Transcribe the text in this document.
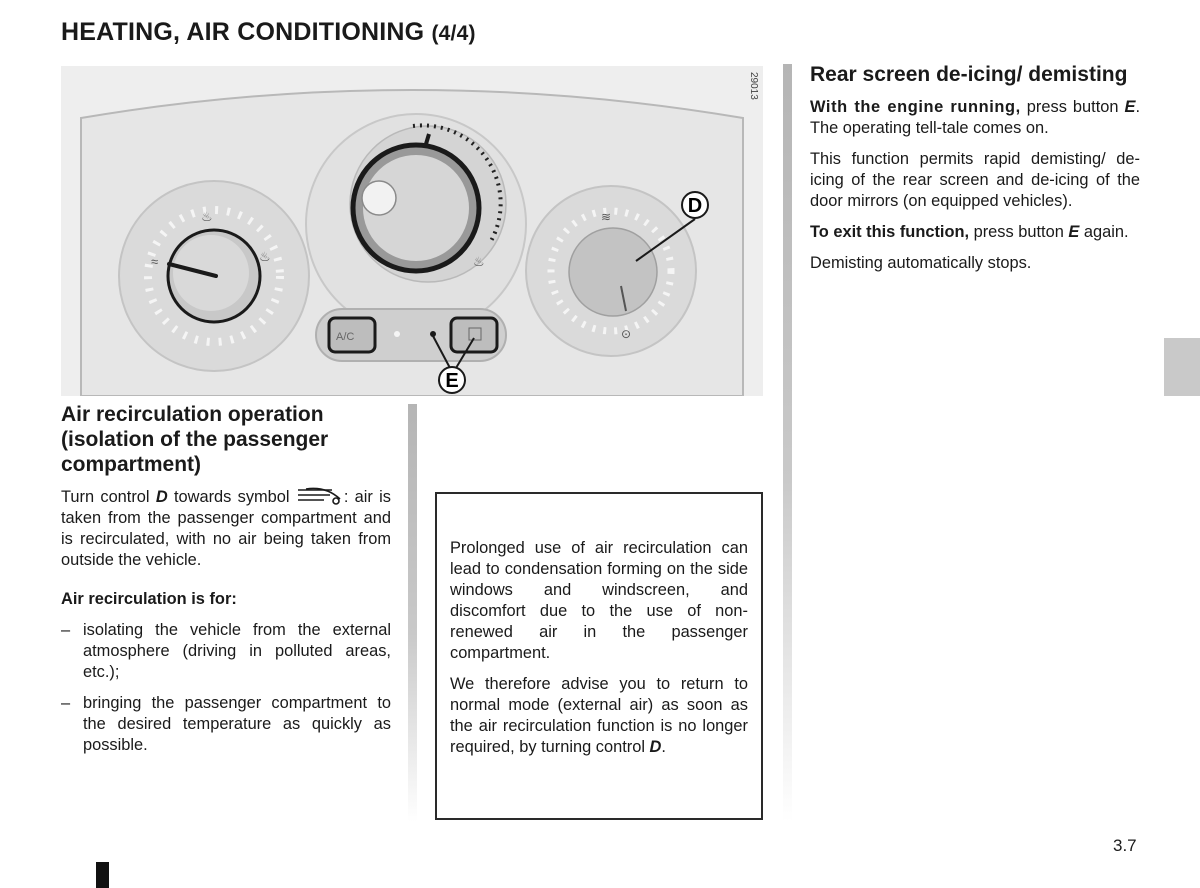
HEATING, AIR CONDITIONING (4/4)
≈
♨
♨	♨
≋
⊙
A/C
D
E
29013
Air recirculation operation (isolation of the passenger compartment)

Turn control D towards symbol	: air is taken from the passenger compartment and is recirculated, with no air being taken from outside the vehicle.

Air recirculation is for:

– isolating the vehicle from the external atmosphere (driving in polluted areas, etc.);
– bringing the passenger compartment to the desired temperature as quickly as possible.

Prolonged use of air recirculation can lead to condensation forming on the side windows and windscreen, and discomfort due to the use of non-renewed air in the passenger compartment.

We therefore advise you to return to normal mode (external air) as soon as the air recirculation function is no longer required, by turning control D.

Rear screen de-icing/ demisting

With the engine running, press button E. The operating tell-tale comes on.

This function permits rapid demisting/ de-icing of the rear screen and de-icing of the door mirrors (on equipped vehicles).

To exit this function, press button E again.

Demisting automatically stops.

3.7
